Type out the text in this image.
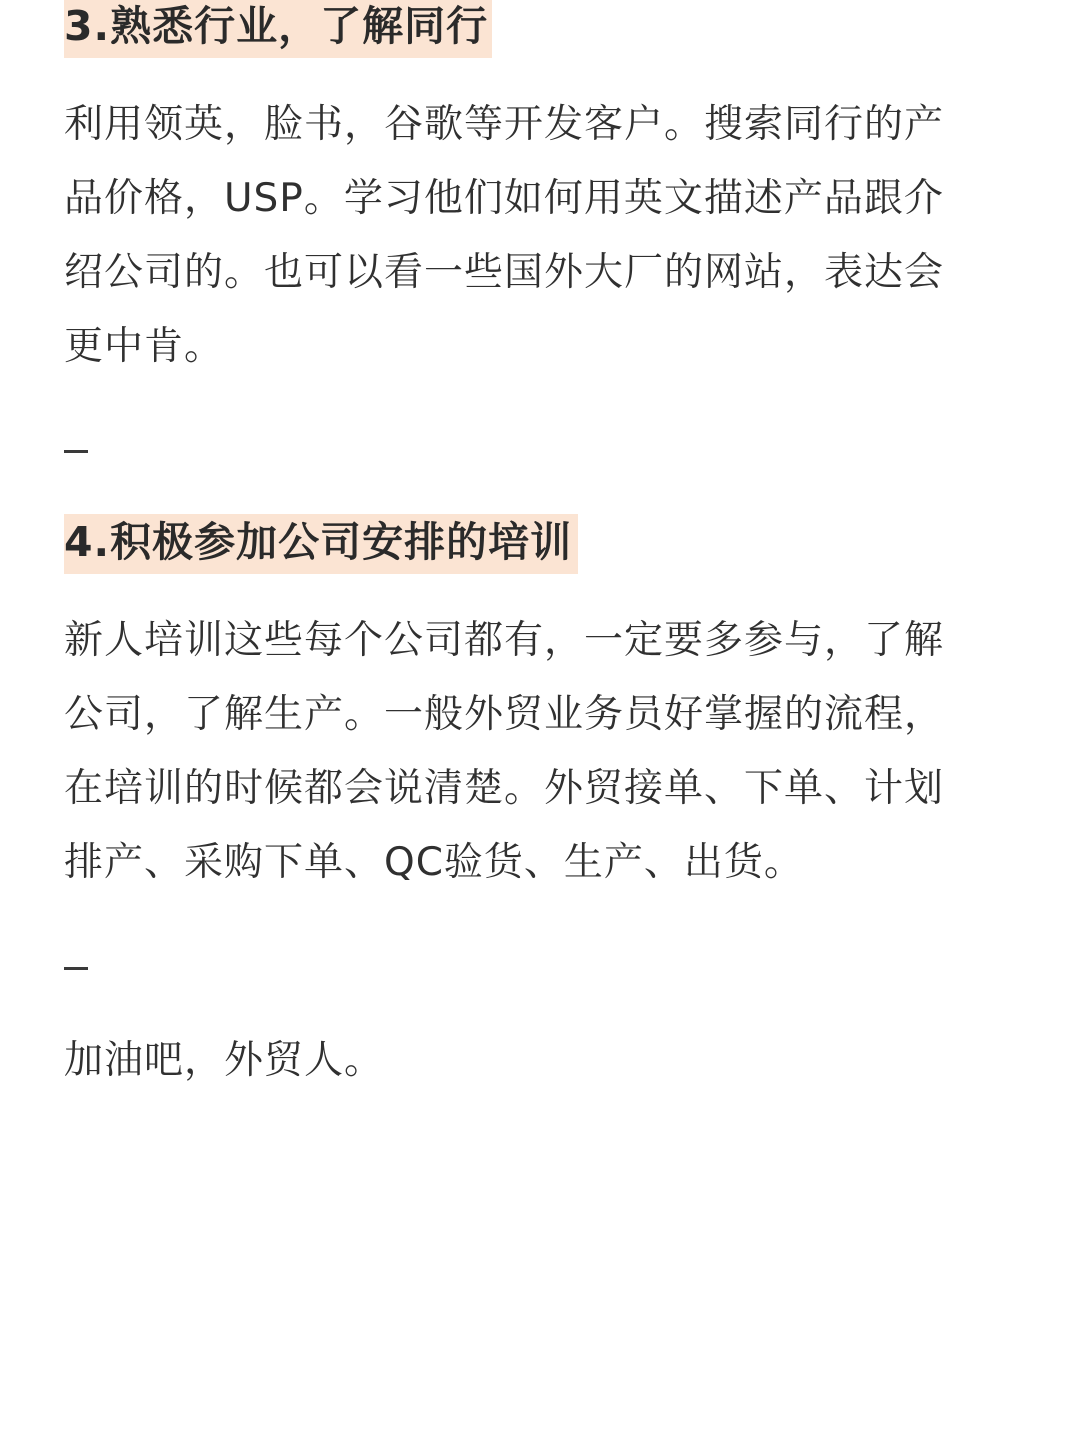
3.熟悉行业，了解同行

利用领英，脸书，谷歌等开发客户。搜索同行的产
品价格，USP。学习他们如何用英文描述产品跟介
绍公司的。也可以看一些国外大厂的网站，表达会
更中肯。

4.积极参加公司安排的培训

新人培训这些每个公司都有，一定要多参与，了解
公司，了解生产。一般外贸业务员好掌握的流程，
在培训的时候都会说清楚。外贸接单、下单、计划
排产、采购下单、QC验货、生产、出货。

加油吧，外贸人。
